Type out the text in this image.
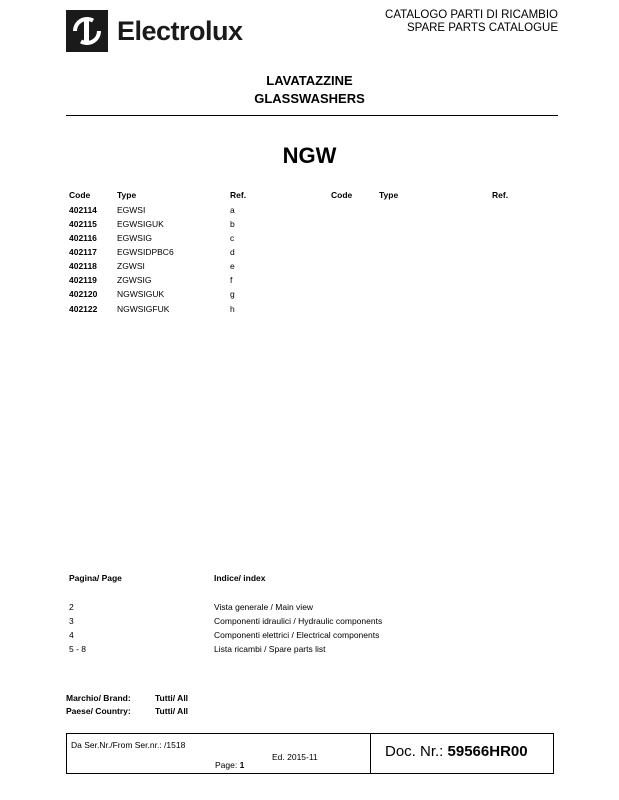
Electrolux
CATALOGO PARTI DI RICAMBIO
SPARE PARTS CATALOGUE
LAVATAZZINE
GLASSWASHERS
NGW
Code	Type	Ref.	Code	Type	Ref.
402114 EGWSI	a
402115 EGWSIGUK	b
402116 EGWSIG	c
402117 EGWSIDPBC6	d
402118 ZGWSI	e
402119 ZGWSIG	f
402120 NGWSIGUK	g
402122 NGWSIGFUK	h
Pagina/ Page	Indice/ index
2	Vista generale / Main view
3	Componenti idraulici / Hydraulic components
4	Componenti elettrici / Electrical components
5 - 8	Lista ricambi / Spare parts list
Marchio/ Brand:	Tutti/ All
Paese/ Country:	Tutti/ All
Da Ser.Nr./From Ser.nr.: /1518
Ed. 2015-11
Page: 1
Doc. Nr.: 59566HR00
